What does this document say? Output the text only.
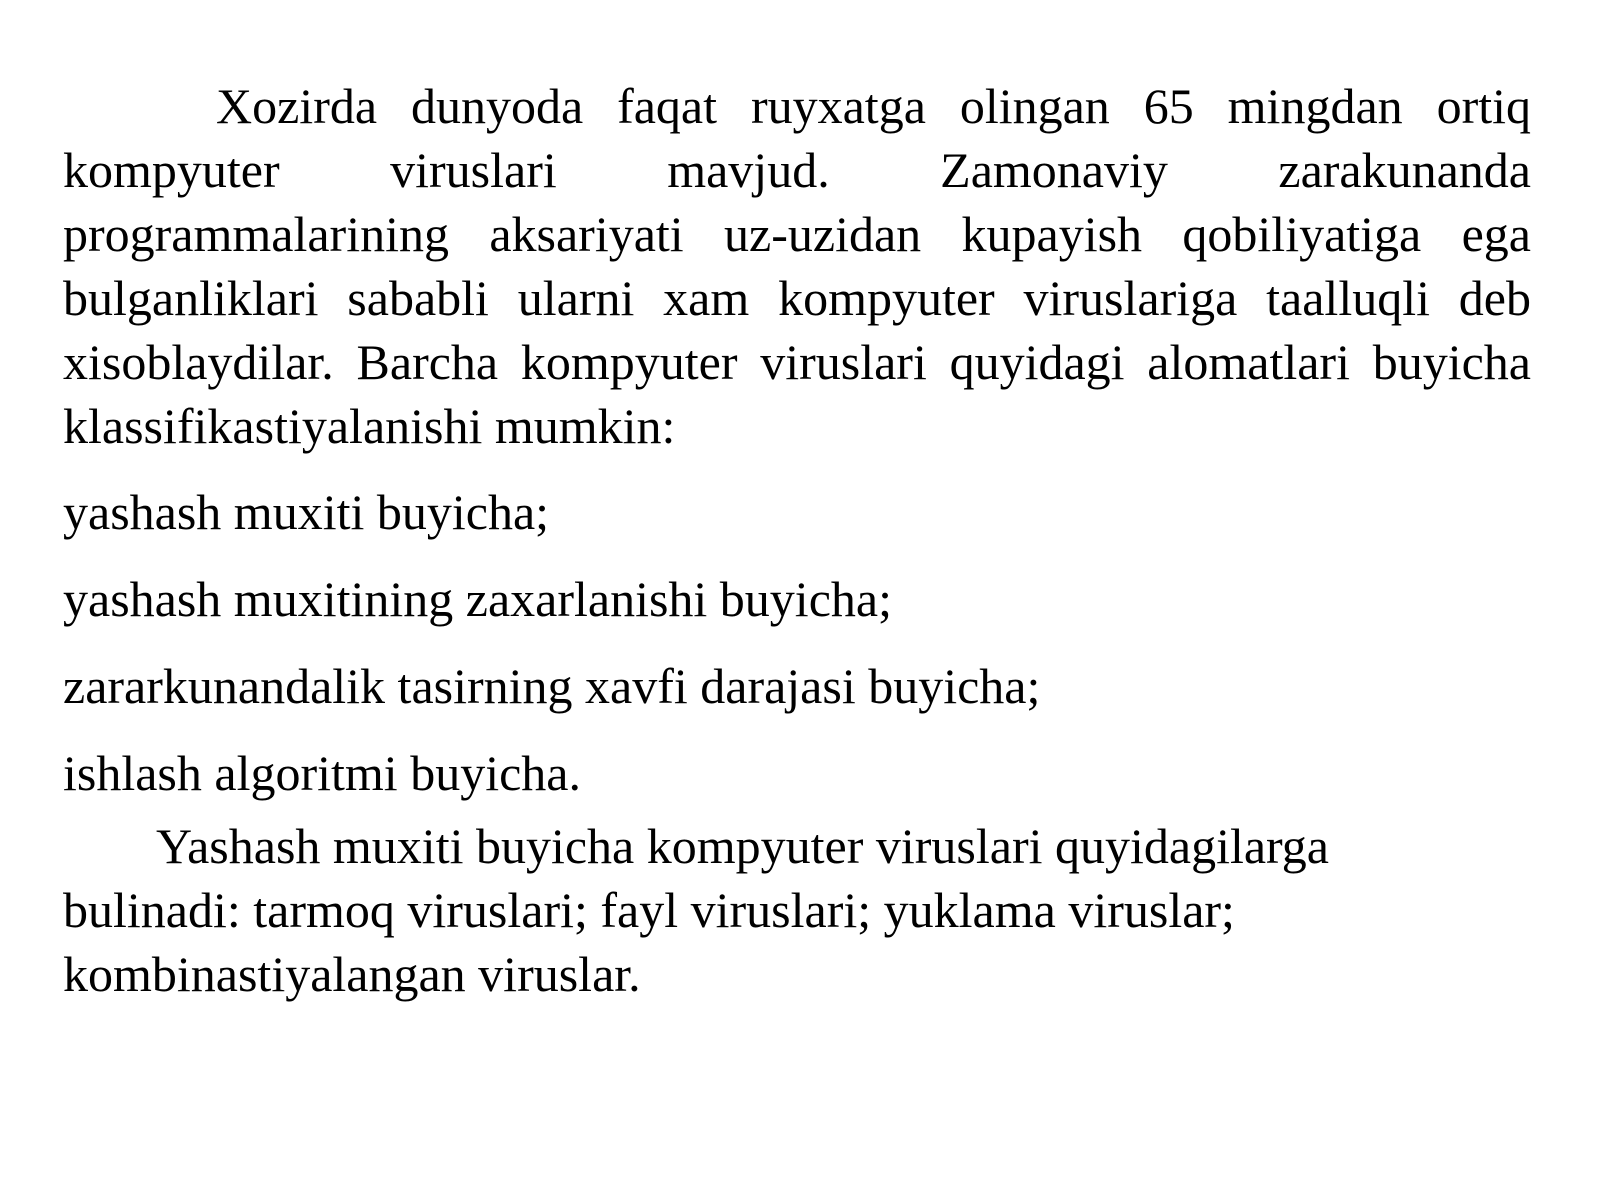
Xozirda dunyoda faqat ruyxatga olingan 65 mingdan ortiq kompyuter viruslari mavjud. Zamonaviy zarakunanda programmalarining aksariyati uz-uzidan kupayish qobiliyatiga ega bulganliklari sababli ularni xam kompyuter viruslariga taalluqli deb xisoblaydilar. Barcha kompyuter viruslari quyidagi alomatlari buyicha klassifikastiyalanishi mumkin:

yashash muxiti buyicha;

yashash muxitining zaxarlanishi buyicha;

zararkunandalik tasirning xavfi darajasi buyicha;

ishlash algoritmi buyicha.

Yashash muxiti buyicha kompyuter viruslari quyidagilarga bulinadi: tarmoq viruslari; fayl viruslari; yuklama viruslar; kombinastiyalangan viruslar.
